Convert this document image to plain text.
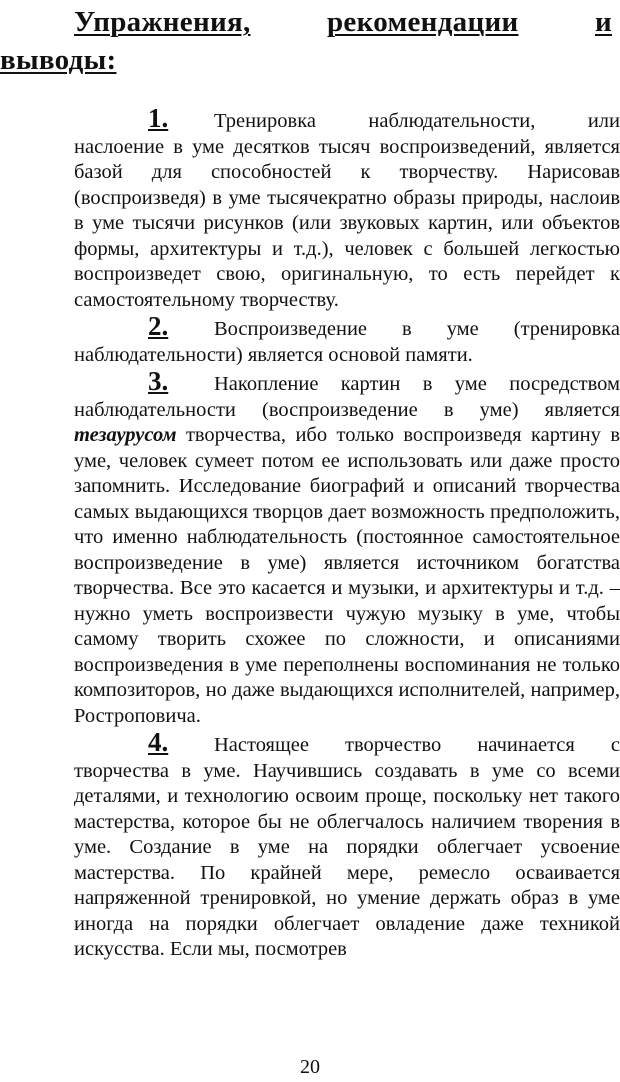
Упражнения,	рекомендации	и
выводы:

1. Тренировка наблюдательности, или наслоение в уме десятков тысяч воспроизведений, является базой для способностей к творчеству. Нарисовав (воспроизведя) в уме тысячекратно образы природы, наслоив в уме тысячи рисунков (или звуковых картин, или объектов формы, архитектуры и т.д.), человек с большей легкостью воспроизведет свою, оригинальную, то есть перейдет к самостоятельному творчеству.

2. Воспроизведение в уме (тренировка наблюдательности) является основой памяти.

3. Накопление картин в уме посредством наблюдательности (воспроизведение в уме) является тезаурусом творчества, ибо только воспроизведя картину в уме, человек сумеет потом ее использовать или даже просто запомнить. Исследование биографий и описаний творчества самых выдающихся творцов дает возможность предположить, что именно наблюдательность (постоянное самостоятельное воспроизведение в уме) является источником богатства творчества. Все это касается и музыки, и архитектуры и т.д. – нужно уметь воспроизвести чужую музыку в уме, чтобы самому творить схожее по сложности, и описаниями воспроизведения в уме переполнены воспоминания не только композиторов, но даже выдающихся исполнителей, например, Ростроповича.

4. Настоящее творчество начинается с творчества в уме. Научившись создавать в уме со всеми деталями, и технологию освоим проще, поскольку нет такого мастерства, которое бы не облегчалось наличием творения в уме. Создание в уме на порядки облегчает усвоение мастерства. По крайней мере, ремесло осваивается напряженной тренировкой, но умение держать образ в уме иногда на порядки облегчает овладение даже техникой искусства. Если мы, посмотрев

20
